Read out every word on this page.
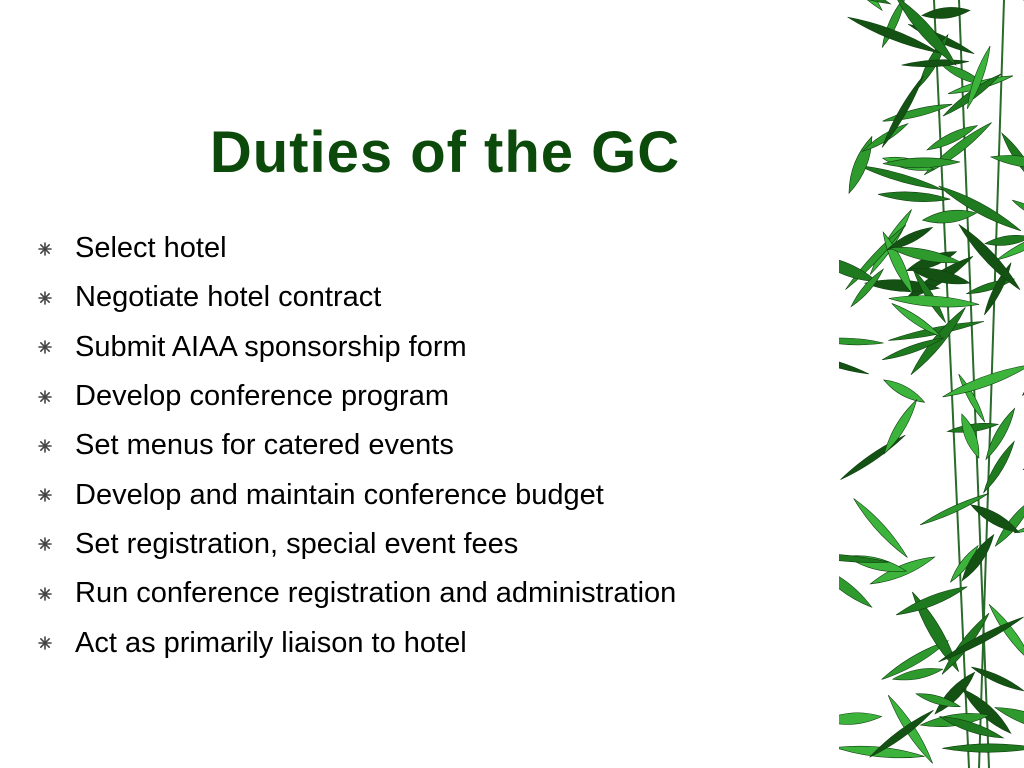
Duties of the GC
Select hotel
Negotiate hotel contract
Submit AIAA sponsorship form
Develop conference program
Set menus for catered events
Develop and maintain conference budget
Set registration, special event fees
Run conference registration and administration
Act as primarily liaison to hotel
